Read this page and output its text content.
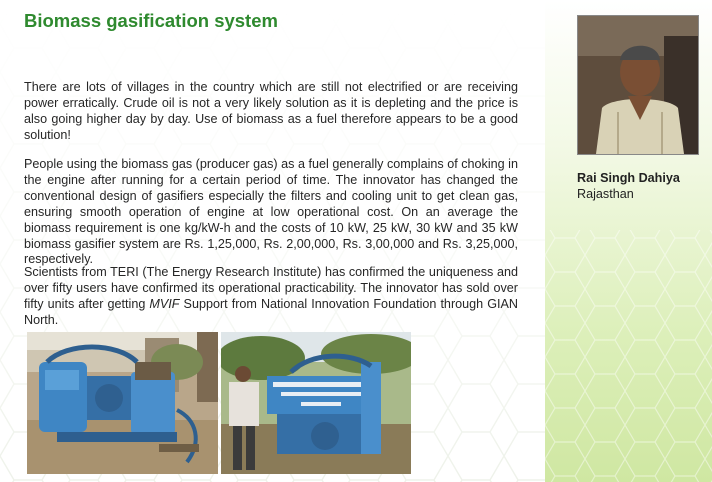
Biomass gasification system

There are lots of villages in the country which are still not electrified or are receiving power erratically. Crude oil is not a very likely solution as it is depleting and the price is also going higher day by day. Use of biomass as a fuel therefore appears to be a good solution!

People using the biomass gas (producer gas) as a fuel generally complains of choking in the engine after running for a certain period of time. The innovator has changed the conventional design of gasifiers especially the filters and cooling unit to get clean gas, ensuring smooth operation of engine at low operational cost. On an average the biomass requirement is one kg/kW-h and the costs of 10 kW, 25 kW, 30 kW and 35 kW biomass gasifier system are Rs. 1,25,000, Rs. 2,00,000, Rs. 3,00,000 and Rs. 3,25,000, respectively.

Scientists from TERI (The Energy Research Institute) has confirmed the uniqueness and over fifty users have confirmed its operational practicability. The innovator has sold over fifty units after getting MVIF Support from National Innovation Foundation through GIAN North.

Rai Singh Dahiya

Rajasthan
